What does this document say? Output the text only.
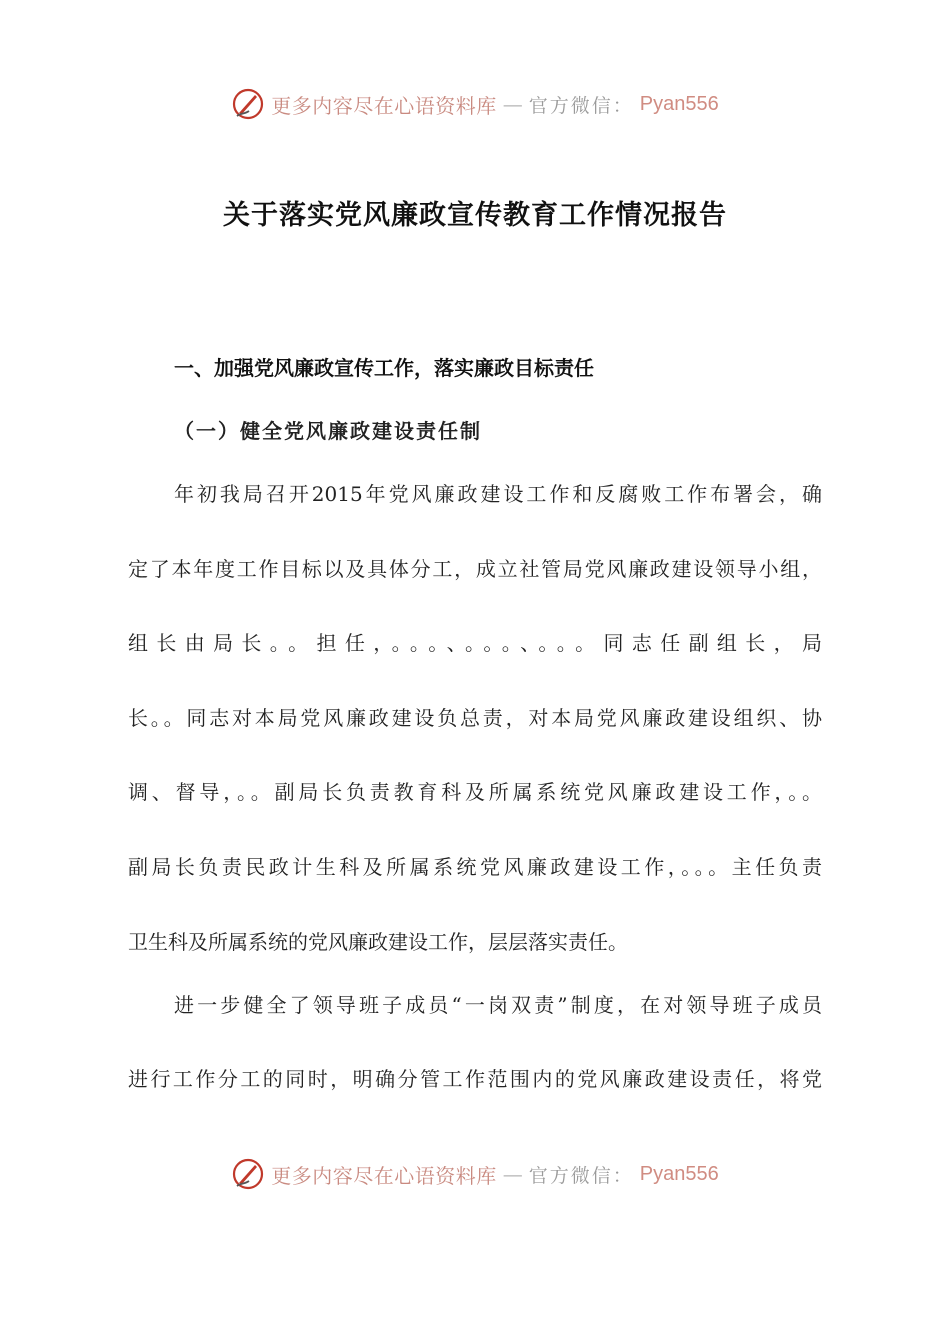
更多内容尽在心语资料库 — 官方微信： Pyan556
关于落实党风廉政宣传教育工作情况报告
一、加强党风廉政宣传工作，落实廉政目标责任
（一）健全党风廉政建设责任制

年初我局召开2015年党风廉政建设工作和反腐败工作布署会，确

定了本年度工作目标以及具体分工，成立社管局党风廉政建设领导小组，

组长由局长。。担任，。。。、。。。、。。。同志任副组长，局

长。。同志对本局党风廉政建设负总责，对本局党风廉政建设组织、协

调、督导，。。副局长负责教育科及所属系统党风廉政建设工作，。。

副局长负责民政计生科及所属系统党风廉政建设工作，。。。主任负责

卫生科及所属系统的党风廉政建设工作，层层落实责任。

进一步健全了领导班子成员“一岗双责”制度，在对领导班子成员

进行工作分工的同时，明确分管工作范围内的党风廉政建设责任，将党

更多内容尽在心语资料库 — 官方微信： Pyan556
